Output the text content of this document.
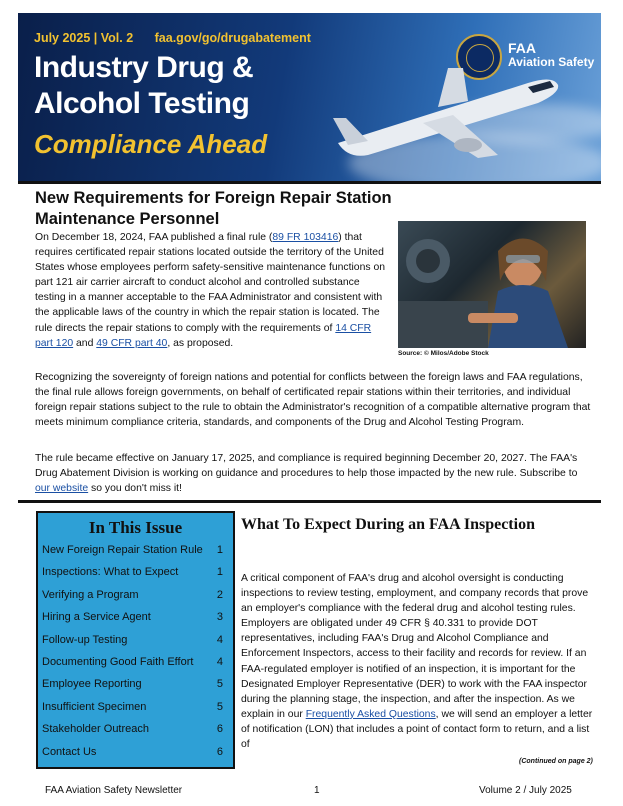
July 2025 | Vol. 2 faa.gov/go/drugabatement
Industry Drug &
Alcohol Testing
Compliance Ahead
FAA
Aviation Safety
New Requirements for Foreign Repair Station
Maintenance Personnel
On December 18, 2024, FAA published a final rule (89 FR 103416) that requires certificated repair stations located outside the territory of the United States whose employees perform safety-sensitive maintenance functions on part 121 air carrier aircraft to conduct alcohol and controlled substance testing in a manner acceptable to the FAA Administrator and consistent with the applicable laws of the country in which the repair station is located. The rule directs the repair stations to comply with the requirements of 14 CFR part 120 and 49 CFR part 40, as proposed.
Source: © Milos/Adobe Stock
Recognizing the sovereignty of foreign nations and potential for conflicts between the foreign laws and FAA regulations, the final rule allows foreign governments, on behalf of certificated repair stations within their territories, and individual foreign repair stations subject to the rule to obtain the Administrator's recognition of a compatible alternative program that meets minimum compliance criteria, standards, and components of the Drug and Alcohol Testing Program.
The rule became effective on January 17, 2025, and compliance is required beginning December 20, 2027. The FAA's Drug Abatement Division is working on guidance and procedures to help those impacted by the new rule. Subscribe to our website so you don't miss it!
In This Issue
New Foreign Repair Station Rule 1
Inspections: What to Expect	1
Verifying a Program	2
Hiring a Service Agent	3
Follow-up Testing	4
Documenting Good Faith Effort 4
Employee Reporting	5
Insufficient Specimen	5
Stakeholder Outreach	6
Contact Us	6
What To Expect During an FAA Inspection
A critical component of FAA's drug and alcohol oversight is conducting inspections to review testing, employment, and company records that prove an employer's compliance with the federal drug and alcohol testing rules. Employers are obligated under 49 CFR § 40.331 to provide DOT representatives, including FAA's Drug and Alcohol Compliance and Enforcement Inspectors, access to their facility and records for review. If an FAA-regulated employer is notified of an inspection, it is important for the Designated Employer Representative (DER) to work with the FAA inspector during the planning stage, the inspection, and after the inspection. As we explain in our Frequently Asked Questions, we will send an employer a letter of notification (LON) that includes a point of contact form to return, and a list of
(Continued on page 2)
FAA Aviation Safety Newsletter	1	Volume 2 / July 2025
